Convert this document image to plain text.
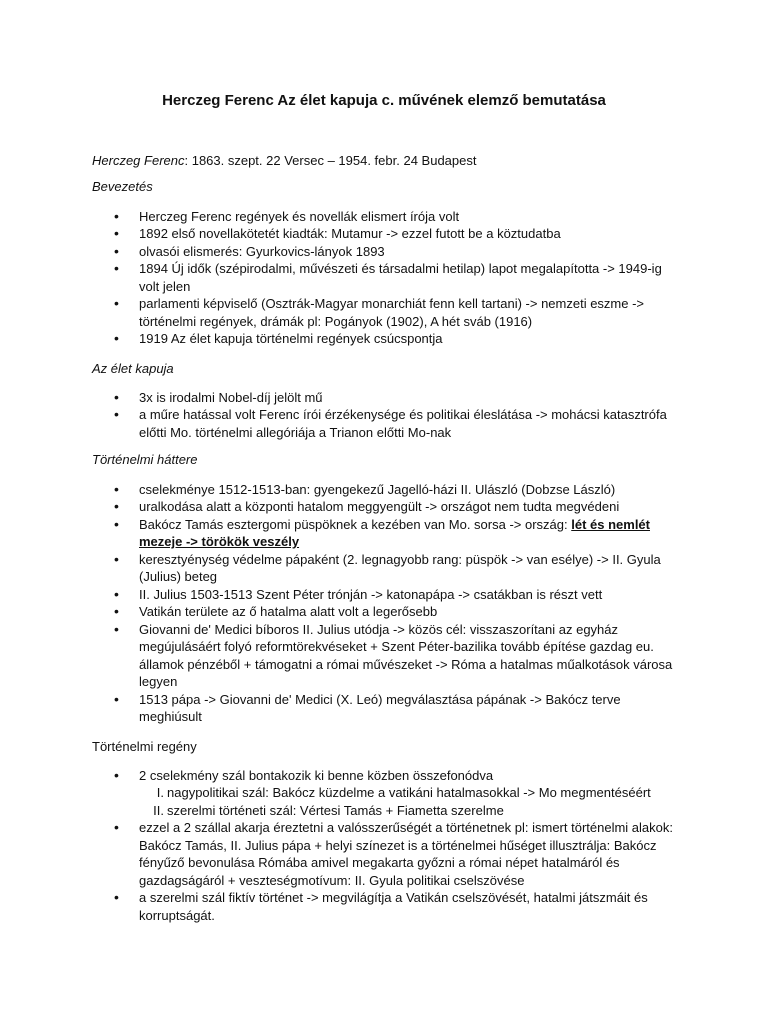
Herczeg Ferenc Az élet kapuja c. művének elemző bemutatása
Herczeg Ferenc: 1863. szept. 22 Versec – 1954. febr. 24 Budapest
Bevezetés
• Herczeg Ferenc regények és novellák elismert írója volt
• 1892 első novellakötetét kiadták: Mutamur -> ezzel futott be a köztudatba
• olvasói elismerés: Gyurkovics-lányok 1893
• 1894 Új idők (szépirodalmi, művészeti és társadalmi hetilap) lapot megalapította -> 1949-ig volt jelen
• parlamenti képviselő (Osztrák-Magyar monarchiát fenn kell tartani) -> nemzeti eszme -> történelmi regények, drámák pl: Pogányok (1902), A hét sváb (1916)
• 1919 Az élet kapuja történelmi regények csúcspontja
Az élet kapuja
• 3x is irodalmi Nobel-díj jelölt mű
• a műre hatással volt Ferenc írói érzékenysége és politikai éleslátása -> mohácsi katasztrófa előtti Mo. történelmi allegóriája a Trianon előtti Mo-nak
Történelmi háttere
• cselekménye 1512-1513-ban: gyengekezű Jagelló-házi II. Ulászló (Dobzse László)
• uralkodása alatt a központi hatalom meggyengült -> országot nem tudta megvédeni
• Bakócz Tamás esztergomi püspöknek a kezében van Mo. sorsa -> ország: lét és nemlét
mezeje -> törökök veszély
• keresztyénység védelme pápaként (2. legnagyobb rang: püspök -> van esélye) -> II. Gyula (Julius) beteg
• II. Julius 1503-1513 Szent Péter trónján -> katonapápa -> csatákban is részt vett
• Vatikán területe az ő hatalma alatt volt a legerősebb
• Giovanni de' Medici bíboros II. Julius utódja -> közös cél: visszaszorítani az egyház megújulásáért folyó reformtörekvéseket + Szent Péter-bazilika tovább építése gazdag eu. államok pénzéből + támogatni a római művészeket -> Róma a hatalmas műalkotások városa legyen
• 1513 pápa -> Giovanni de' Medici (X. Leó) megválasztása pápának -> Bakócz terve meghiúsult
Történelmi regény
• 2 cselekmény szál bontakozik ki benne közben összefonódva
I. nagypolitikai szál: Bakócz küzdelme a vatikáni hatalmasokkal -> Mo megmentéséért
II. szerelmi történeti szál: Vértesi Tamás + Fiametta szerelme
• ezzel a 2 szállal akarja éreztetni a valósszerűségét a történetnek pl: ismert történelmi alakok: Bakócz Tamás, II. Julius pápa + helyi színezet is a történelmei hűséget illusztrálja: Bakócz fényűző bevonulása Rómába amivel megakarta győzni a római népet hatalmáról és gazdagságáról + veszteségmotívum: II. Gyula politikai cselszövése
• a szerelmi szál fiktív történet -> megvilágítja a Vatikán cselszövését, hatalmi játszmáit és korruptságát.
